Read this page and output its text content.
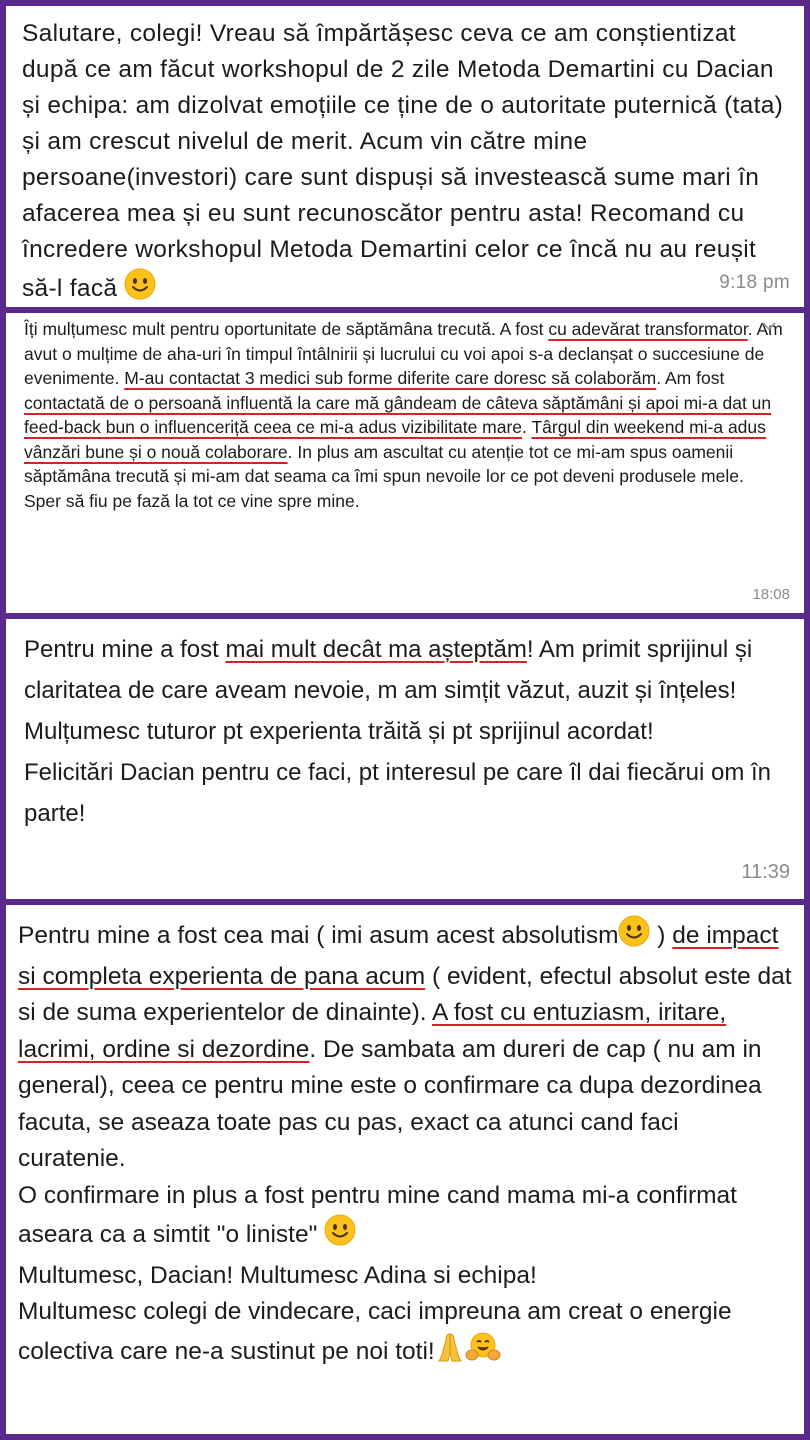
Salutare, colegi! Vreau să împărtășesc ceva ce am conștientizat după ce am făcut workshopul de 2 zile Metoda Demartini cu Dacian și echipa: am dizolvat emoțiile ce ține de o autoritate puternică (tata) și am crescut nivelul de merit. Acum vin către mine persoane(investori) care sunt dispuși să investească sume mari în afacerea mea și eu sunt recunoscător pentru asta! Recomand cu încredere workshopul Metoda Demartini celor ce încă nu au reușit să-l facă	9:18 pm

Îți mulțumesc mult pentru oportunitate de săptămâna trecută. A fost cu adevărat transformator. Am avut o mulțime de aha-uri în timpul întâlnirii și lucrului cu voi apoi s-a declanșat o succesiune de evenimente. M-au contactat 3 medici sub forme diferite care doresc să colaborăm. Am fost contactată de o persoană influentă la care mă gândeam de câteva săptămâni și apoi mi-a dat un feed-back bun o influenceriță ceea ce mi-a adus vizibilitate mare. Târgul din weekend mi-a adus vânzări bune și o nouă colaborare. In plus am ascultat cu atenție tot ce mi-am spus oamenii săptămâna trecută și mi-am dat seama ca îmi spun nevoile lor ce pot deveni produsele mele.

Sper să fiu pe fază la tot ce vine spre mine.

18:08

Pentru mine a fost mai mult decât ma așteptăm! Am primit sprijinul și claritatea de care aveam nevoie, m am simțit văzut, auzit și înțeles!

Mulțumesc tuturor pt experienta trăită și pt sprijinul acordat!

Felicitări Dacian pentru ce faci, pt interesul pe care îl dai fiecărui om în parte!

11:39

Pentru mine a fost cea mai ( imi asum acest absolutism ) de impact si completa experienta de pana acum ( evident, efectul absolut este dat si de suma experientelor de dinainte). A fost cu entuziasm, iritare, lacrimi, ordine si dezordine. De sambata am dureri de cap ( nu am in general), ceea ce pentru mine este o confirmare ca dupa dezordinea facuta, se aseaza toate pas cu pas, exact ca atunci cand faci curatenie.

O confirmare in plus a fost pentru mine cand mama mi-a confirmat aseara ca a simtit "o liniste"

Multumesc, Dacian! Multumesc Adina si echipa!

Multumesc colegi de vindecare, caci impreuna am creat o energie colectiva care ne-a sustinut pe noi toti!
